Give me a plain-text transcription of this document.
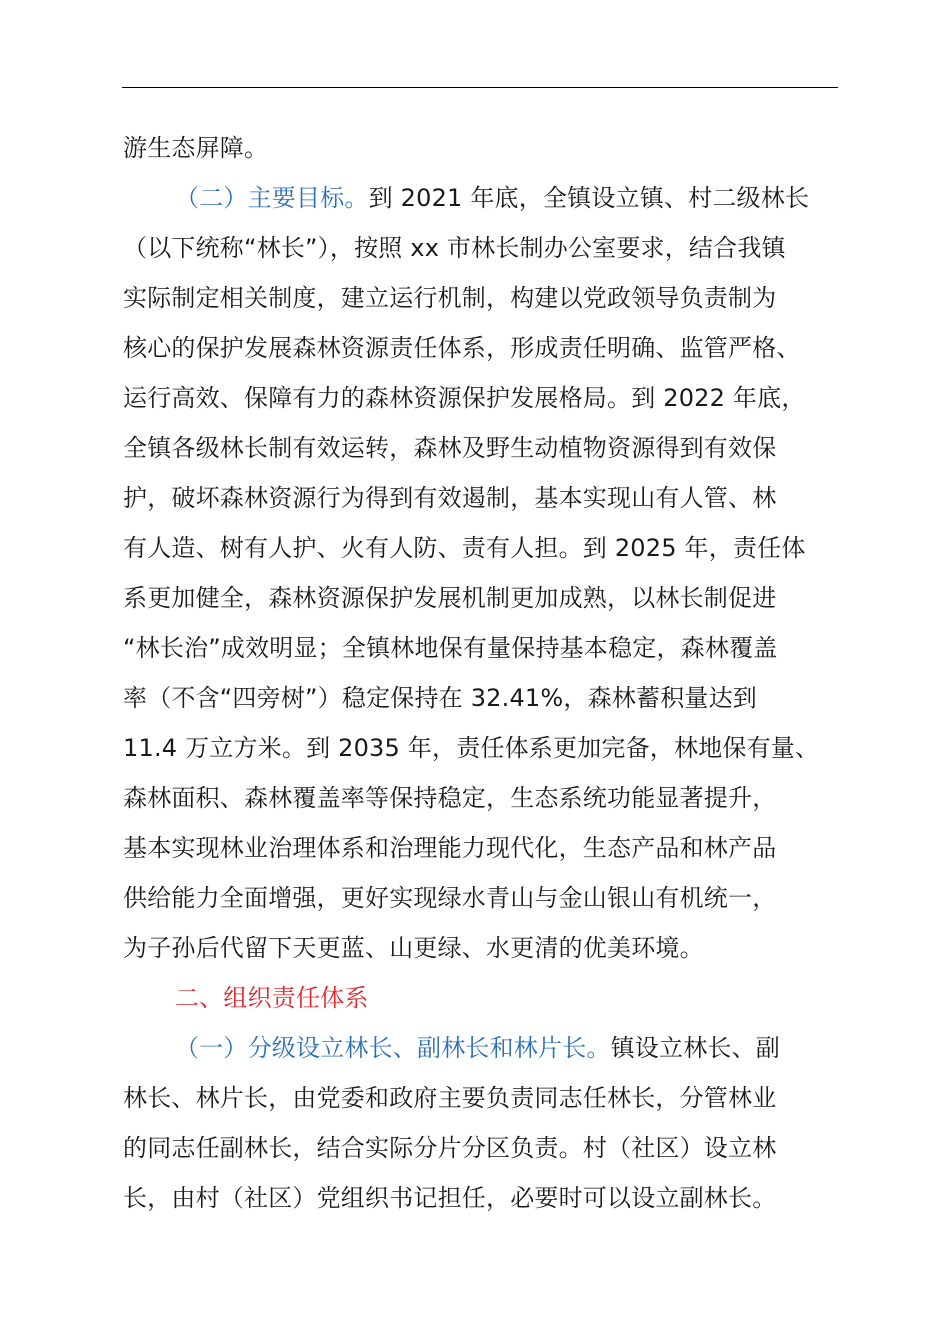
游生态屏障。
（二）主要目标。到 2021 年底，全镇设立镇、村二级林长
（以下统称“林长”），按照 xx 市林长制办公室要求，结合我镇
实际制定相关制度，建立运行机制，构建以党政领导负责制为
核心的保护发展森林资源责任体系，形成责任明确、监管严格、
运行高效、保障有力的森林资源保护发展格局。到 2022 年底，
全镇各级林长制有效运转，森林及野生动植物资源得到有效保
护，破坏森林资源行为得到有效遏制，基本实现山有人管、林
有人造、树有人护、火有人防、责有人担。到 2025 年，责任体
系更加健全，森林资源保护发展机制更加成熟，以林长制促进
“林长治”成效明显；全镇林地保有量保持基本稳定，森林覆盖
率（不含“四旁树”）稳定保持在 32.41%，森林蓄积量达到
11.4 万立方米。到 2035 年，责任体系更加完备，林地保有量、
森林面积、森林覆盖率等保持稳定，生态系统功能显著提升，
基本实现林业治理体系和治理能力现代化，生态产品和林产品
供给能力全面增强，更好实现绿水青山与金山银山有机统一，
为子孙后代留下天更蓝、山更绿、水更清的优美环境。
二、组织责任体系
（一）分级设立林长、副林长和林片长。镇设立林长、副
林长、林片长，由党委和政府主要负责同志任林长，分管林业
的同志任副林长，结合实际分片分区负责。村（社区）设立林
长，由村（社区）党组织书记担任，必要时可以设立副林长。
